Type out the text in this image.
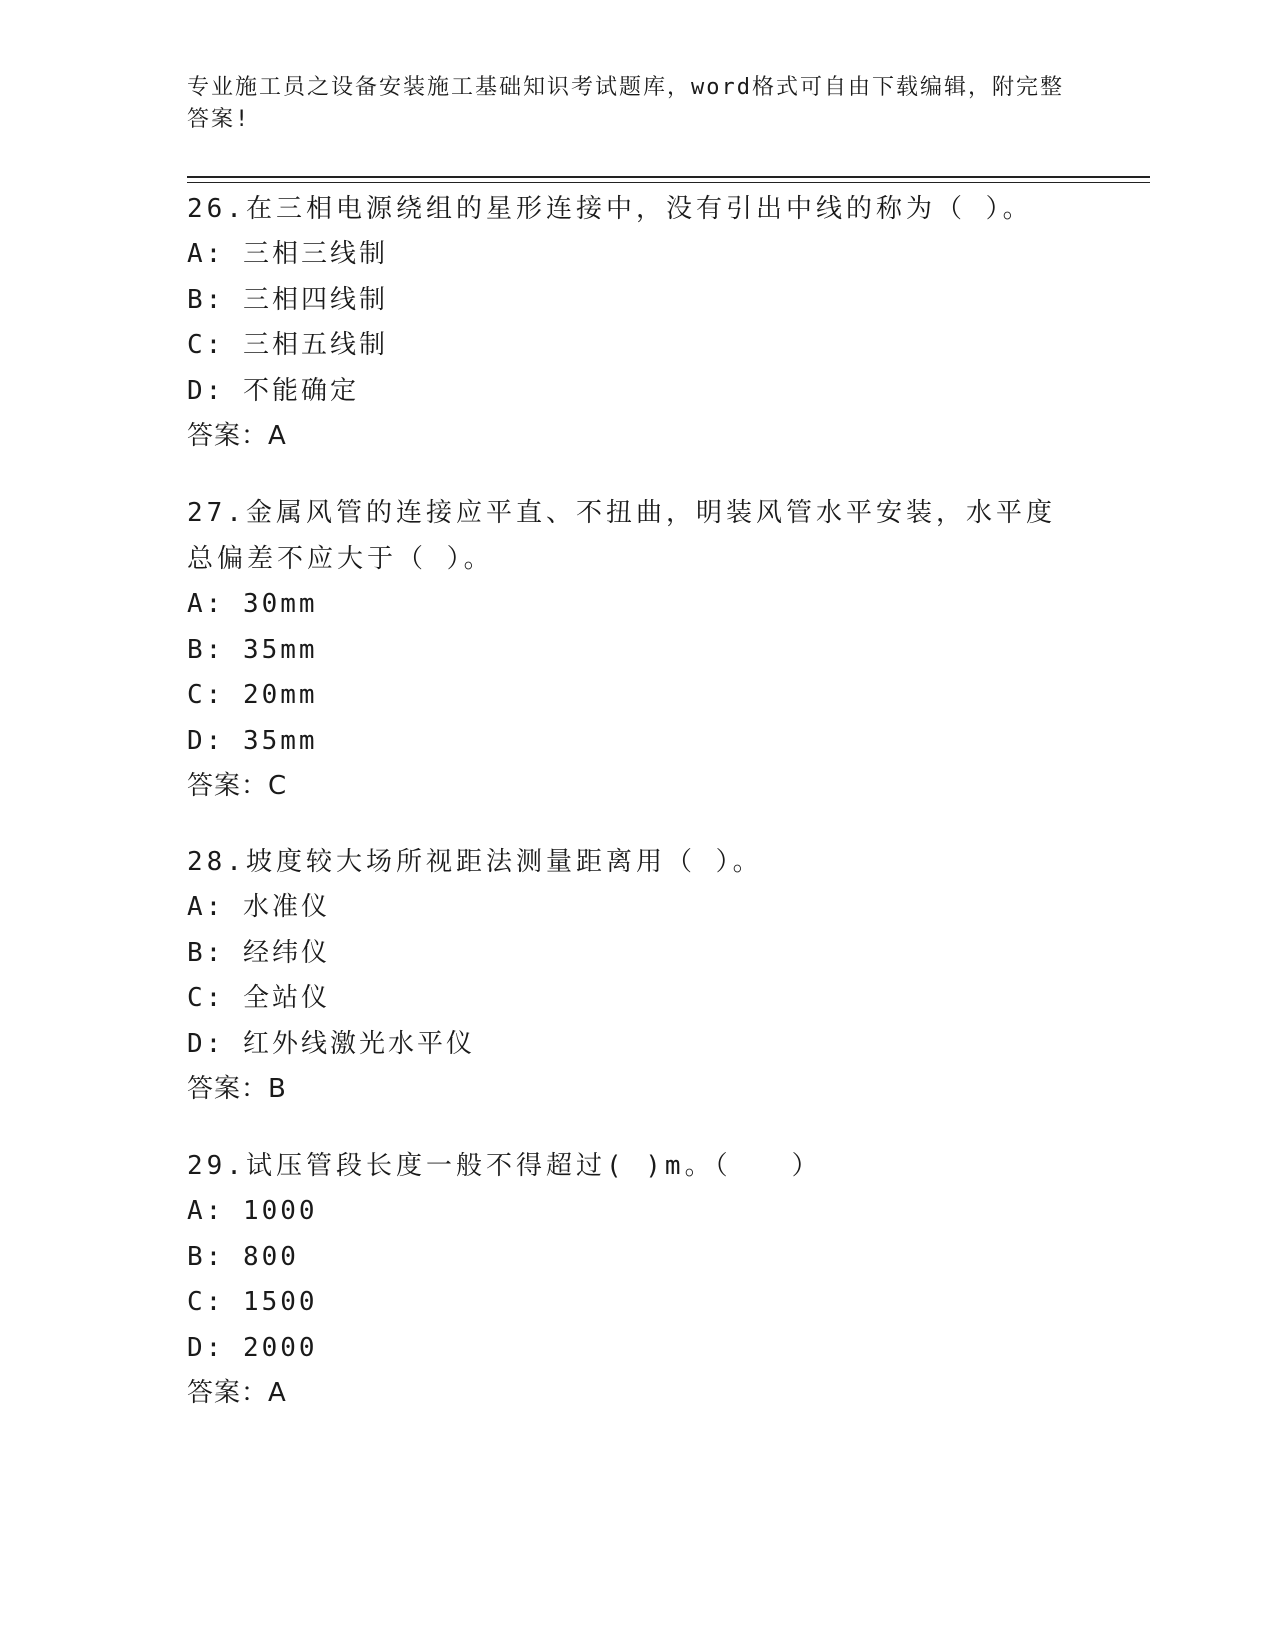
专业施工员之设备安装施工基础知识考试题库，word格式可自由下载编辑，附完整答案!
26.在三相电源绕组的星形连接中，没有引出中线的称为（ ）。
A: 三相三线制
B: 三相四线制
C: 三相五线制
D: 不能确定
答案：A
27.金属风管的连接应平直、不扭曲，明装风管水平安装，水平度总偏差不应大于（ ）。
A: 30mm
B: 35mm
C: 20mm
D: 35mm
答案：C
28.坡度较大场所视距法测量距离用（ ）。
A: 水准仪
B: 经纬仪
C: 全站仪
D: 红外线激光水平仪
答案：B
29.试压管段长度一般不得超过( )m。（　　）
A: 1000
B: 800
C: 1500
D: 2000
答案：A
